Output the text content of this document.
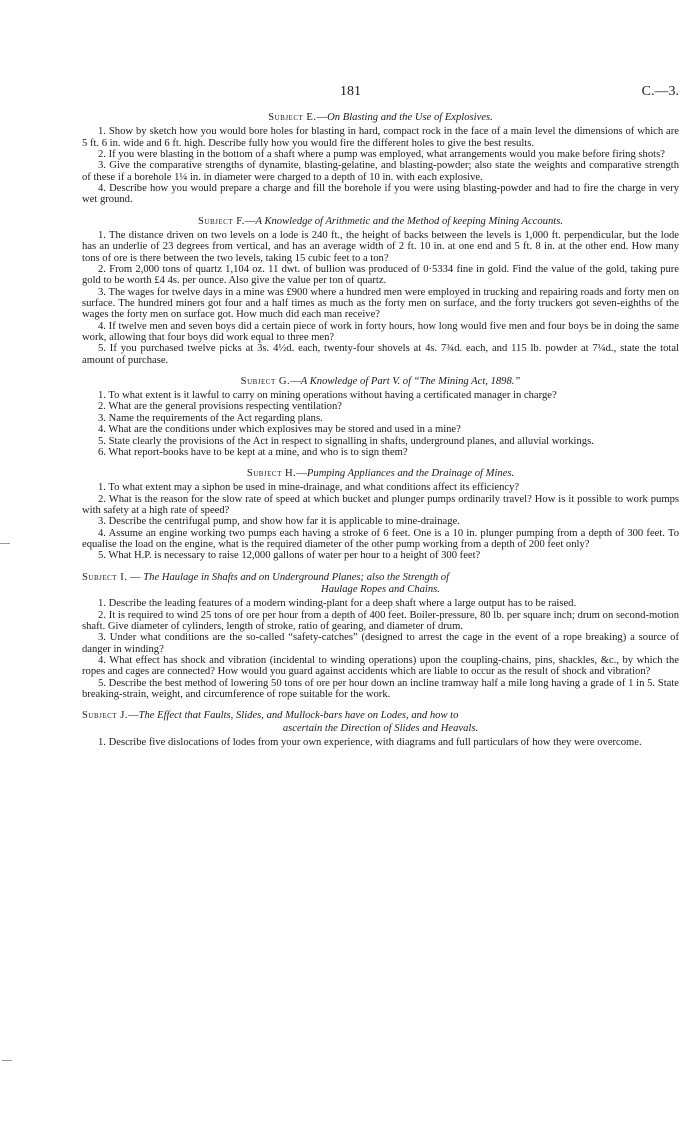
181	C.—3.
Subject E.—On Blasting and the Use of Explosives.
1. Show by sketch how you would bore holes for blasting in hard, compact rock in the face of a main level the dimensions of which are 5 ft. 6 in. wide and 6 ft. high. Describe fully how you would fire the different holes to give the best results.
2. If you were blasting in the bottom of a shaft where a pump was employed, what arrangements would you make before firing shots?
3. Give the comparative strengths of dynamite, blasting-gelatine, and blasting-powder; also state the weights and comparative strength of these if a borehole 1¼ in. in diameter were charged to a depth of 10 in. with each explosive.
4. Describe how you would prepare a charge and fill the borehole if you were using blasting-powder and had to fire the charge in very wet ground.
Subject F.—A Knowledge of Arithmetic and the Method of keeping Mining Accounts.
1. The distance driven on two levels on a lode is 240 ft., the height of backs between the levels is 1,000 ft. perpendicular, but the lode has an underlie of 23 degrees from vertical, and has an average width of 2 ft. 10 in. at one end and 5 ft. 8 in. at the other end. How many tons of ore is there between the two levels, taking 15 cubic feet to a ton?
2. From 2,000 tons of quartz 1,104 oz. 11 dwt. of bullion was produced of 0·5334 fine in gold. Find the value of the gold, taking pure gold to be worth £4 4s. per ounce. Also give the value per ton of quartz.
3. The wages for twelve days in a mine was £900 where a hundred men were employed in trucking and repairing roads and forty men on surface. The hundred miners got four and a half times as much as the forty men on surface, and the forty truckers got seven-eighths of the wages the forty men on surface got. How much did each man receive?
4. If twelve men and seven boys did a certain piece of work in forty hours, how long would five men and four boys be in doing the same work, allowing that four boys did work equal to three men?
5. If you purchased twelve picks at 3s. 4½d. each, twenty-four shovels at 4s. 7¾d. each, and 115 lb. powder at 7¼d., state the total amount of purchase.
Subject G.—A Knowledge of Part V. of “The Mining Act, 1898.”
1. To what extent is it lawful to carry on mining operations without having a certificated manager in charge?
2. What are the general provisions respecting ventilation?
3. Name the requirements of the Act regarding plans.
4. What are the conditions under which explosives may be stored and used in a mine?
5. State clearly the provisions of the Act in respect to signalling in shafts, underground planes, and alluvial workings.
6. What report-books have to be kept at a mine, and who is to sign them?
Subject H.—Pumping Appliances and the Drainage of Mines.
1. To what extent may a siphon be used in mine-drainage, and what conditions affect its efficiency?
2. What is the reason for the slow rate of speed at which bucket and plunger pumps ordinarily travel? How is it possible to work pumps with safety at a high rate of speed?
3. Describe the centrifugal pump, and show how far it is applicable to mine-drainage.
4. Assume an engine working two pumps each having a stroke of 6 feet. One is a 10 in. plunger pumping from a depth of 300 feet. To equalise the load on the engine, what is the required diameter of the other pump working from a depth of 200 feet only?
5. What H.P. is necessary to raise 12,000 gallons of water per hour to a height of 300 feet?
Subject I. — The Haulage in Shafts and on Underground Planes; also the Strength of
Haulage Ropes and Chains.
1. Describe the leading features of a modern winding-plant for a deep shaft where a large output has to be raised.
2. It is required to wind 25 tons of ore per hour from a depth of 400 feet. Boiler-pressure, 80 lb. per square inch; drum on second-motion shaft. Give diameter of cylinders, length of stroke, ratio of gearing, and diameter of drum.
3. Under what conditions are the so-called “safety-catches” (designed to arrest the cage in the event of a rope breaking) a source of danger in winding?
4. What effect has shock and vibration (incidental to winding operations) upon the coupling-chains, pins, shackles, &c., by which the ropes and cages are connected? How would you guard against accidents which are liable to occur as the result of shock and vibration?
5. Describe the best method of lowering 50 tons of ore per hour down an incline tramway half a mile long having a grade of 1 in 5. State breaking-strain, weight, and circumference of rope suitable for the work.
Subject J.—The Effect that Faults, Slides, and Mullock-bars have on Lodes, and how to
ascertain the Direction of Slides and Heavals.
1. Describe five dislocations of lodes from your own experience, with diagrams and full particulars of how they were overcome.
